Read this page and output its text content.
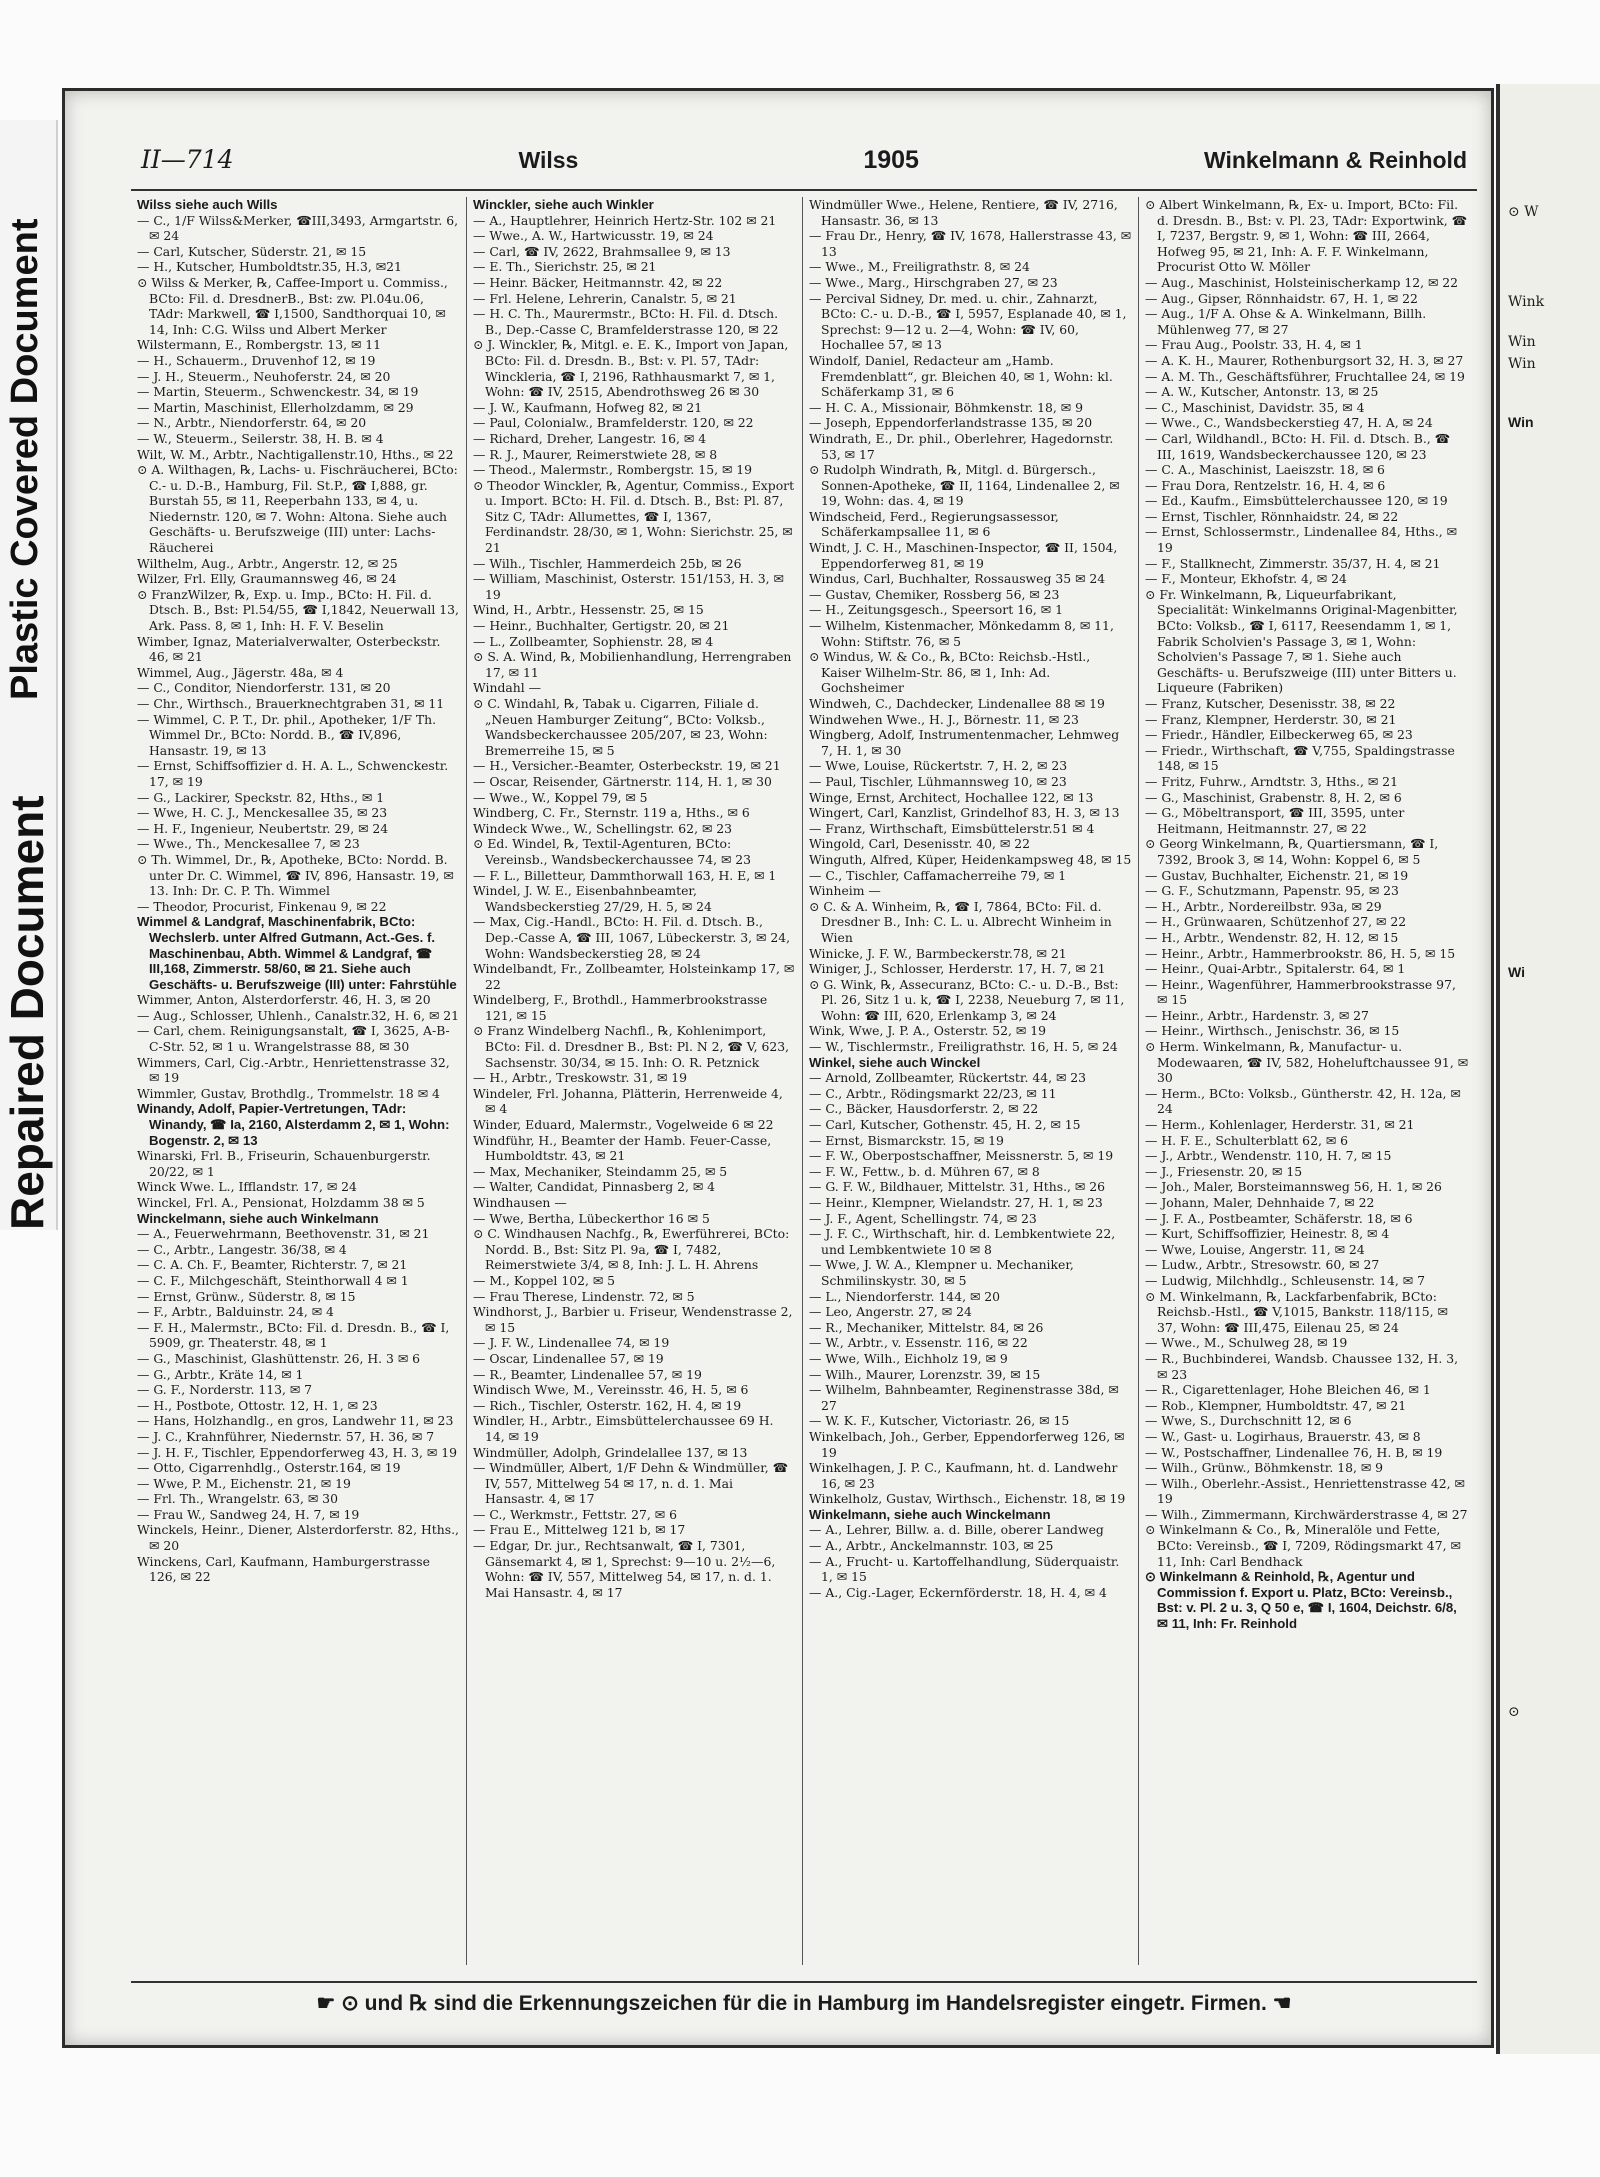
Plastic Covered Document
Repaired Document
II—714	Wilss	1905	Winkelmann & Reinhold
Wilss siehe auch Wills
— C., 1/F Wilss&Merker, ☎III,3493, Armgartstr. 6, ✉ 24
— Carl, Kutscher, Süderstr. 21, ✉ 15
— H., Kutscher, Humboldtstr.35, H.3, ✉21
⊙ Wilss & Merker, ℞, Caffee-Import u. Commiss., BCto: Fil. d. DresdnerB., Bst: zw. Pl.04u.06, TAdr: Markwell, ☎ I,1500, Sandthorquai 10, ✉ 14, Inh: C.G. Wilss und Albert Merker
Wilstermann, E., Rombergstr. 13, ✉ 11
— H., Schauerm., Druvenhof 12, ✉ 19
— J. H., Steuerm., Neuhoferstr. 24, ✉ 20
— Martin, Steuerm., Schwenckestr. 34, ✉ 19
— Martin, Maschinist, Ellerholzdamm, ✉ 29
— N., Arbtr., Niendorferstr. 64, ✉ 20
— W., Steuerm., Seilerstr. 38, H. B. ✉ 4
Wilt, W. M., Arbtr., Nachtigallenstr.10, Hths., ✉ 22
⊙ A. Wilthagen, ℞, Lachs- u. Fischräucherei, BCto: C.- u. D.-B., Hamburg, Fil. St.P., ☎ I,888, gr. Burstah 55, ✉ 11, Reeperbahn 133, ✉ 4, u. Niedernstr. 120, ✉ 7. Wohn: Altona. Siehe auch Geschäfts- u. Berufszweige (III) unter: Lachs-Räucherei
Wilthelm, Aug., Arbtr., Angerstr. 12, ✉ 25
Wilzer, Frl. Elly, Graumannsweg 46, ✉ 24
⊙ FranzWilzer, ℞, Exp. u. Imp., BCto: H. Fil. d. Dtsch. B., Bst: Pl.54/55, ☎ I,1842, Neuerwall 13, Ark. Pass. 8, ✉ 1, Inh: H. F. V. Beselin
Wimber, Ignaz, Materialverwalter, Osterbeckstr. 46, ✉ 21
Wimmel, Aug., Jägerstr. 48a, ✉ 4
— C., Conditor, Niendorferstr. 131, ✉ 20
— Chr., Wirthsch., Brauerknechtgraben 31, ✉ 11
— Wimmel, C. P. T., Dr. phil., Apotheker, 1/F Th. Wimmel Dr., BCto: Nordd. B., ☎ IV,896, Hansastr. 19, ✉ 13
— Ernst, Schiffsoffizier d. H. A. L., Schwenckestr. 17, ✉ 19
— G., Lackirer, Speckstr. 82, Hths., ✉ 1
— Wwe, H. C. J., Menckesallee 35, ✉ 23
— H. F., Ingenieur, Neubertstr. 29, ✉ 24
— Wwe., Th., Menckesallee 7, ✉ 23
⊙ Th. Wimmel, Dr., ℞, Apotheke, BCto: Nordd. B. unter Dr. C. Wimmel, ☎ IV, 896, Hansastr. 19, ✉ 13. Inh: Dr. C. P. Th. Wimmel
— Theodor, Procurist, Finkenau 9, ✉ 22
Wimmel & Landgraf, Maschinenfabrik, BCto: Wechslerb. unter Alfred Gutmann, Act.-Ges. f. Maschinenbau, Abth. Wimmel & Landgraf, ☎ III,168, Zimmerstr. 58/60, ✉ 21. Siehe auch Geschäfts- u. Berufszweige (III) unter: Fahrstühle
Wimmer, Anton, Alsterdorferstr. 46, H. 3, ✉ 20
— Aug., Schlosser, Uhlenh., Canalstr.32, H. 6, ✉ 21
— Carl, chem. Reinigungsanstalt, ☎ I, 3625, A-B-C-Str. 52, ✉ 1 u. Wrangelstrasse 88, ✉ 30
Wimmers, Carl, Cig.-Arbtr., Henriettenstrasse 32, ✉ 19
Wimmler, Gustav, Brothdlg., Trommelstr. 18 ✉ 4
Winandy, Adolf, Papier-Vertretungen, TAdr: Winandy, ☎ Ia, 2160, Alsterdamm 2, ✉ 1, Wohn: Bogenstr. 2, ✉ 13
Winarski, Frl. B., Friseurin, Schauenburgerstr. 20/22, ✉ 1
Winck Wwe. L., Ifflandstr. 17, ✉ 24
Winckel, Frl. A., Pensionat, Holzdamm 38 ✉ 5
Winckelmann, siehe auch Winkelmann
— A., Feuerwehrmann, Beethovenstr. 31, ✉ 21
— C., Arbtr., Langestr. 36/38, ✉ 4
— C. A. Ch. F., Beamter, Richterstr. 7, ✉ 21
— C. F., Milchgeschäft, Steinthorwall 4 ✉ 1
— Ernst, Grünw., Süderstr. 8, ✉ 15
— F., Arbtr., Balduinstr. 24, ✉ 4
— F. H., Malermstr., BCto: Fil. d. Dresdn. B., ☎ I, 5909, gr. Theaterstr. 48, ✉ 1
— G., Maschinist, Glashüttenstr. 26, H. 3 ✉ 6
— G., Arbtr., Kräte 14, ✉ 1
— G. F., Norderstr. 113, ✉ 7
— H., Postbote, Ottostr. 12, H. 1, ✉ 23
— Hans, Holzhandlg., en gros, Landwehr 11, ✉ 23
— J. C., Krahnführer, Niedernstr. 57, H. 36, ✉ 7
— J. H. F., Tischler, Eppendorferweg 43, H. 3, ✉ 19
— Otto, Cigarrenhdlg., Osterstr.164, ✉ 19
— Wwe, P. M., Eichenstr. 21, ✉ 19
— Frl. Th., Wrangelstr. 63, ✉ 30
— Frau W., Sandweg 24, H. 7, ✉ 19
Winckels, Heinr., Diener, Alsterdorferstr. 82, Hths., ✉ 20
Winckens, Carl, Kaufmann, Hamburgerstrasse 126, ✉ 22
Winckler, siehe auch Winkler
— A., Hauptlehrer, Heinrich Hertz-Str. 102 ✉ 21
— Wwe., A. W., Hartwicusstr. 19, ✉ 24
— Carl, ☎ IV, 2622, Brahmsallee 9, ✉ 13
— E. Th., Sierichstr. 25, ✉ 21
— Heinr. Bäcker, Heitmannstr. 42, ✉ 22
— Frl. Helene, Lehrerin, Canalstr. 5, ✉ 21
— H. C. Th., Maurermstr., BCto: H. Fil. d. Dtsch. B., Dep.-Casse C, Bramfelderstrasse 120, ✉ 22
⊙ J. Winckler, ℞, Mitgl. e. E. K., Import von Japan, BCto: Fil. d. Dresdn. B., Bst: v. Pl. 57, TAdr: Winckleria, ☎ I, 2196, Rathhausmarkt 7, ✉ 1, Wohn: ☎ IV, 2515, Abendrothsweg 26 ✉ 30
— J. W., Kaufmann, Hofweg 82, ✉ 21
— Paul, Colonialw., Bramfelderstr. 120, ✉ 22
— Richard, Dreher, Langestr. 16, ✉ 4
— R. J., Maurer, Reimerstwiete 28, ✉ 8
— Theod., Malermstr., Rombergstr. 15, ✉ 19
⊙ Theodor Winckler, ℞, Agentur, Commiss., Export u. Import. BCto: H. Fil. d. Dtsch. B., Bst: Pl. 87, Sitz C, TAdr: Allumettes, ☎ I, 1367, Ferdinandstr. 28/30, ✉ 1, Wohn: Sierichstr. 25, ✉ 21
— Wilh., Tischler, Hammerdeich 25b, ✉ 26
— William, Maschinist, Osterstr. 151/153, H. 3, ✉ 19
Wind, H., Arbtr., Hessenstr. 25, ✉ 15
— Heinr., Buchhalter, Gertigstr. 20, ✉ 21
— L., Zollbeamter, Sophienstr. 28, ✉ 4
⊙ S. A. Wind, ℞, Mobilienhandlung, Herrengraben 17, ✉ 11
Windahl —
⊙ C. Windahl, ℞, Tabak u. Cigarren, Filiale d. „Neuen Hamburger Zeitung“, BCto: Volksb., Wandsbeckerchaussee 205/207, ✉ 23, Wohn: Bremerreihe 15, ✉ 5
— H., Versicher.-Beamter, Osterbeckstr. 19, ✉ 21
— Oscar, Reisender, Gärtnerstr. 114, H. 1, ✉ 30
— Wwe., W., Koppel 79, ✉ 5
Windberg, C. Fr., Sternstr. 119 a, Hths., ✉ 6
Windeck Wwe., W., Schellingstr. 62, ✉ 23
⊙ Ed. Windel, ℞, Textil-Agenturen, BCto: Vereinsb., Wandsbeckerchaussee 74, ✉ 23
— F. L., Billetteur, Dammthorwall 163, H. E, ✉ 1
Windel, J. W. E., Eisenbahnbeamter, Wandsbeckerstieg 27/29, H. 5, ✉ 24
— Max, Cig.-Handl., BCto: H. Fil. d. Dtsch. B., Dep.-Casse A, ☎ III, 1067, Lübeckerstr. 3, ✉ 24, Wohn: Wandsbeckerstieg 28, ✉ 24
Windelbandt, Fr., Zollbeamter, Holsteinkamp 17, ✉ 22
Windelberg, F., Brothdl., Hammerbrookstrasse 121, ✉ 15
⊙ Franz Windelberg Nachfl., ℞, Kohlenimport, BCto: Fil. d. Dresdner B., Bst: Pl. N 2, ☎ V, 623, Sachsenstr. 30/34, ✉ 15. Inh: O. R. Petznick
— H., Arbtr., Treskowstr. 31, ✉ 19
Windeler, Frl. Johanna, Plätterin, Herrenweide 4, ✉ 4
Winder, Eduard, Malermstr., Vogelweide 6 ✉ 22
Windführ, H., Beamter der Hamb. Feuer-Casse, Humboldtstr. 43, ✉ 21
— Max, Mechaniker, Steindamm 25, ✉ 5
— Walter, Candidat, Pinnasberg 2, ✉ 4
Windhausen —
— Wwe, Bertha, Lübeckerthor 16 ✉ 5
⊙ C. Windhausen Nachfg., ℞, Ewerführerei, BCto: Nordd. B., Bst: Sitz Pl. 9a, ☎ I, 7482, Reimerstwiete 3/4, ✉ 8, Inh: J. L. H. Ahrens
— M., Koppel 102, ✉ 5
— Frau Therese, Lindenstr. 72, ✉ 5
Windhorst, J., Barbier u. Friseur, Wendenstrasse 2, ✉ 15
— J. F. W., Lindenallee 74, ✉ 19
— Oscar, Lindenallee 57, ✉ 19
— R., Beamter, Lindenallee 57, ✉ 19
Windisch Wwe, M., Vereinsstr. 46, H. 5, ✉ 6
— Rich., Tischler, Osterstr. 162, H. 4, ✉ 19
Windler, H., Arbtr., Eimsbüttelerchaussee 69 H. 14, ✉ 19
Windmüller, Adolph, Grindelallee 137, ✉ 13
— Windmüller, Albert, 1/F Dehn & Windmüller, ☎ IV, 557, Mittelweg 54 ✉ 17, n. d. 1. Mai Hansastr. 4, ✉ 17
— C., Werkmstr., Fettstr. 27, ✉ 6
— Frau E., Mittelweg 121 b, ✉ 17
— Edgar, Dr. jur., Rechtsanwalt, ☎ I, 7301, Gänsemarkt 4, ✉ 1, Sprechst: 9—10 u. 2½—6, Wohn: ☎ IV, 557, Mittelweg 54, ✉ 17, n. d. 1. Mai Hansastr. 4, ✉ 17
Windmüller Wwe., Helene, Rentiere, ☎ IV, 2716, Hansastr. 36, ✉ 13
— Frau Dr., Henry, ☎ IV, 1678, Hallerstrasse 43, ✉ 13
— Wwe., M., Freiligrathstr. 8, ✉ 24
— Wwe., Marg., Hirschgraben 27, ✉ 23
— Percival Sidney, Dr. med. u. chir., Zahnarzt, BCto: C.- u. D.-B., ☎ I, 5957, Esplanade 40, ✉ 1, Sprechst: 9—12 u. 2—4, Wohn: ☎ IV, 60, Hochallee 57, ✉ 13
Windolf, Daniel, Redacteur am „Hamb. Fremdenblatt“, gr. Bleichen 40, ✉ 1, Wohn: kl. Schäferkamp 31, ✉ 6
— H. C. A., Missionair, Böhmkenstr. 18, ✉ 9
— Joseph, Eppendorferlandstrasse 135, ✉ 20
Windrath, E., Dr. phil., Oberlehrer, Hagedornstr. 53, ✉ 17
⊙ Rudolph Windrath, ℞, Mitgl. d. Bürgersch., Sonnen-Apotheke, ☎ II, 1164, Lindenallee 2, ✉ 19, Wohn: das. 4, ✉ 19
Windscheid, Ferd., Regierungsassessor, Schäferkampsallee 11, ✉ 6
Windt, J. C. H., Maschinen-Inspector, ☎ II, 1504, Eppendorferweg 81, ✉ 19
Windus, Carl, Buchhalter, Rossausweg 35 ✉ 24
— Gustav, Chemiker, Rossberg 56, ✉ 23
— H., Zeitungsgesch., Speersort 16, ✉ 1
— Wilhelm, Kistenmacher, Mönkedamm 8, ✉ 11, Wohn: Stiftstr. 76, ✉ 5
⊙ Windus, W. & Co., ℞, BCto: Reichsb.-Hstl., Kaiser Wilhelm-Str. 86, ✉ 1, Inh: Ad. Gochsheimer
Windweh, C., Dachdecker, Lindenallee 88 ✉ 19
Windwehen Wwe., H. J., Börnestr. 11, ✉ 23
Wingberg, Adolf, Instrumentenmacher, Lehmweg 7, H. 1, ✉ 30
— Wwe, Louise, Rückertstr. 7, H. 2, ✉ 23
— Paul, Tischler, Lühmannsweg 10, ✉ 23
Winge, Ernst, Architect, Hochallee 122, ✉ 13
Wingert, Carl, Kanzlist, Grindelhof 83, H. 3, ✉ 13
— Franz, Wirthschaft, Eimsbüttelerstr.51 ✉ 4
Wingold, Carl, Desenisstr. 40, ✉ 22
Winguth, Alfred, Küper, Heidenkampsweg 48, ✉ 15
— C., Tischler, Caffamacherreihe 79, ✉ 1
Winheim —
⊙ C. & A. Winheim, ℞, ☎ I, 7864, BCto: Fil. d. Dresdner B., Inh: C. L. u. Albrecht Winheim in Wien
Winicke, J. F. W., Barmbeckerstr.78, ✉ 21
Winiger, J., Schlosser, Herderstr. 17, H. 7, ✉ 21
⊙ G. Wink, ℞, Assecuranz, BCto: C.- u. D.-B., Bst: Pl. 26, Sitz 1 u. k, ☎ I, 2238, Neueburg 7, ✉ 11, Wohn: ☎ III, 620, Erlenkamp 3, ✉ 24
Wink, Wwe, J. P. A., Osterstr. 52, ✉ 19
— W., Tischlermstr., Freiligrathstr. 16, H. 5, ✉ 24
Winkel, siehe auch Winckel
— Arnold, Zollbeamter, Rückertstr. 44, ✉ 23
— C., Arbtr., Rödingsmarkt 22/23, ✉ 11
— C., Bäcker, Hausdorferstr. 2, ✉ 22
— Carl, Kutscher, Gothenstr. 45, H. 2, ✉ 15
— Ernst, Bismarckstr. 15, ✉ 19
— F. W., Oberpostschaffner, Meissnerstr. 5, ✉ 19
— F. W., Fettw., b. d. Mühren 67, ✉ 8
— G. F. W., Bildhauer, Mittelstr. 31, Hths., ✉ 26
— Heinr., Klempner, Wielandstr. 27, H. 1, ✉ 23
— J. F., Agent, Schellingstr. 74, ✉ 23
— J. F. C., Wirthschaft, hir. d. Lembkentwiete 22, und Lembkentwiete 10 ✉ 8
— Wwe, J. W. A., Klempner u. Mechaniker, Schmilinskystr. 30, ✉ 5
— L., Niendorferstr. 144, ✉ 20
— Leo, Angerstr. 27, ✉ 24
— R., Mechaniker, Mittelstr. 84, ✉ 26
— W., Arbtr., v. Essenstr. 116, ✉ 22
— Wwe, Wilh., Eichholz 19, ✉ 9
— Wilh., Maurer, Lorenzstr. 39, ✉ 15
— Wilhelm, Bahnbeamter, Reginenstrasse 38d, ✉ 27
— W. K. F., Kutscher, Victoriastr. 26, ✉ 15
Winkelbach, Joh., Gerber, Eppendorferweg 126, ✉ 19
Winkelhagen, J. P. C., Kaufmann, ht. d. Landwehr 16, ✉ 23
Winkelholz, Gustav, Wirthsch., Eichenstr. 18, ✉ 19
Winkelmann, siehe auch Winckelmann
— A., Lehrer, Billw. a. d. Bille, oberer Landweg
— A., Arbtr., Anckelmannstr. 103, ✉ 25
— A., Frucht- u. Kartoffelhandlung, Süderquaistr. 1, ✉ 15
— A., Cig.-Lager, Eckernförderstr. 18, H. 4, ✉ 4
⊙ Albert Winkelmann, ℞, Ex- u. Import, BCto: Fil. d. Dresdn. B., Bst: v. Pl. 23, TAdr: Exportwink, ☎ I, 7237, Bergstr. 9, ✉ 1, Wohn: ☎ III, 2664, Hofweg 95, ✉ 21, Inh: A. F. F. Winkelmann, Procurist Otto W. Möller
— Aug., Maschinist, Holsteinischerkamp 12, ✉ 22
— Aug., Gipser, Rönnhaidstr. 67, H. 1, ✉ 22
— Aug., 1/F A. Ohse & A. Winkelmann, Billh. Mühlenweg 77, ✉ 27
— Frau Aug., Poolstr. 33, H. 4, ✉ 1
— A. K. H., Maurer, Rothenburgsort 32, H. 3, ✉ 27
— A. M. Th., Geschäftsführer, Fruchtallee 24, ✉ 19
— A. W., Kutscher, Antonstr. 13, ✉ 25
— C., Maschinist, Davidstr. 35, ✉ 4
— Wwe., C., Wandsbeckerstieg 47, H. A, ✉ 24
— Carl, Wildhandl., BCto: H. Fil. d. Dtsch. B., ☎ III, 1619, Wandsbeckerchaussee 120, ✉ 23
— C. A., Maschinist, Laeiszstr. 18, ✉ 6
— Frau Dora, Rentzelstr. 16, H. 4, ✉ 6
— Ed., Kaufm., Eimsbüttelerchaussee 120, ✉ 19
— Ernst, Tischler, Rönnhaidstr. 24, ✉ 22
— Ernst, Schlossermstr., Lindenallee 84, Hths., ✉ 19
— F., Stallknecht, Zimmerstr. 35/37, H. 4, ✉ 21
— F., Monteur, Ekhofstr. 4, ✉ 24
⊙ Fr. Winkelmann, ℞, Liqueurfabrikant, Specialität: Winkelmanns Original-Magenbitter, BCto: Volksb., ☎ I, 6117, Reesendamm 1, ✉ 1, Fabrik Scholvien's Passage 3, ✉ 1, Wohn: Scholvien's Passage 7, ✉ 1. Siehe auch Geschäfts- u. Berufszweige (III) unter Bitters u. Liqueure (Fabriken)
— Franz, Kutscher, Desenisstr. 38, ✉ 22
— Franz, Klempner, Herderstr. 30, ✉ 21
— Friedr., Händler, Eilbeckerweg 65, ✉ 23
— Friedr., Wirthschaft, ☎ V,755, Spaldingstrasse 148, ✉ 15
— Fritz, Fuhrw., Arndtstr. 3, Hths., ✉ 21
— G., Maschinist, Grabenstr. 8, H. 2, ✉ 6
— G., Möbeltransport, ☎ III, 3595, unter Heitmann, Heitmannstr. 27, ✉ 22
⊙ Georg Winkelmann, ℞, Quartiersmann, ☎ I, 7392, Brook 3, ✉ 14, Wohn: Koppel 6, ✉ 5
— Gustav, Buchhalter, Eichenstr. 21, ✉ 19
— G. F., Schutzmann, Papenstr. 95, ✉ 23
— H., Arbtr., Nordereilbstr. 93a, ✉ 29
— H., Grünwaaren, Schützenhof 27, ✉ 22
— H., Arbtr., Wendenstr. 82, H. 12, ✉ 15
— Heinr., Arbtr., Hammerbrookstr. 86, H. 5, ✉ 15
— Heinr., Quai-Arbtr., Spitalerstr. 64, ✉ 1
— Heinr., Wagenführer, Hammerbrookstrasse 97, ✉ 15
— Heinr., Arbtr., Hardenstr. 3, ✉ 27
— Heinr., Wirthsch., Jenischstr. 36, ✉ 15
⊙ Herm. Winkelmann, ℞, Manufactur- u. Modewaaren, ☎ IV, 582, Hoheluftchaussee 91, ✉ 30
— Herm., BCto: Volksb., Güntherstr. 42, H. 12a, ✉ 24
— Herm., Kohlenlager, Herderstr. 31, ✉ 21
— H. F. E., Schulterblatt 62, ✉ 6
— J., Arbtr., Wendenstr. 110, H. 7, ✉ 15
— J., Friesenstr. 20, ✉ 15
— Joh., Maler, Borsteimannsweg 56, H. 1, ✉ 26
— Johann, Maler, Dehnhaide 7, ✉ 22
— J. F. A., Postbeamter, Schäferstr. 18, ✉ 6
— Kurt, Schiffsoffizier, Heinestr. 8, ✉ 4
— Wwe, Louise, Angerstr. 11, ✉ 24
— Ludw., Arbtr., Stresowstr. 60, ✉ 27
— Ludwig, Milchhdlg., Schleusenstr. 14, ✉ 7
⊙ M. Winkelmann, ℞, Lackfarbenfabrik, BCto: Reichsb.-Hstl., ☎ V,1015, Bankstr. 118/115, ✉ 37, Wohn: ☎ III,475, Eilenau 25, ✉ 24
— Wwe., M., Schulweg 28, ✉ 19
— R., Buchbinderei, Wandsb. Chaussee 132, H. 3, ✉ 23
— R., Cigarettenlager, Hohe Bleichen 46, ✉ 1
— Rob., Klempner, Humboldtstr. 47, ✉ 21
— Wwe, S., Durchschnitt 12, ✉ 6
— W., Gast- u. Logirhaus, Brauerstr. 43, ✉ 8
— W., Postschaffner, Lindenallee 76, H. B, ✉ 19
— Wilh., Grünw., Böhmkenstr. 18, ✉ 9
— Wilh., Oberlehr.-Assist., Henriettenstrasse 42, ✉ 19
— Wilh., Zimmermann, Kirchwärderstrasse 4, ✉ 27
⊙ Winkelmann & Co., ℞, Mineralöle und Fette, BCto: Vereinsb., ☎ I, 7209, Rödingsmarkt 47, ✉ 11, Inh: Carl Bendhack
⊙ Winkelmann & Reinhold, ℞, Agentur und Commission f. Export u. Platz, BCto: Vereinsb., Bst: v. Pl. 2 u. 3, Q 50 e, ☎ I, 1604, Deichstr. 6/8, ✉ 11, Inh: Fr. Reinhold
☛ ⊙ und ℞ sind die Erkennungszeichen für die in Hamburg im Handelsregister eingetr. Firmen. ☚
⊙ W
Wink
Win
Win
Win
Wi
⊙
